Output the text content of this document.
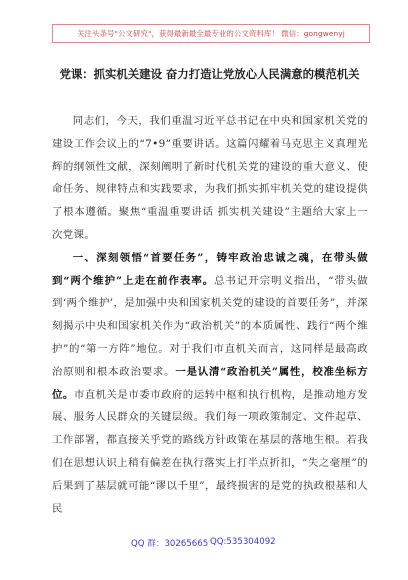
关注头条号"公文研究"，获得最新最全最专业的公文资料库！ 微信：gongwenyj
党课：抓实机关建设 奋力打造让党放心人民满意的模范机关

同志们，今天，我们重温习近平总书记在中央和国家机关党的建设工作会议上的“7•9”重要讲话。这篇闪耀着马克思主义真理光辉的纲领性文献，深刻阐明了新时代机关党的建设的重大意义、使命任务、规律特点和实践要求，为我们抓实抓牢机关党的建设提供了根本遵循。聚焦“重温重要讲话 抓实机关建设”主题给大家上一次党课。

一、深刻领悟“首要任务”，铸牢政治忠诚之魂，在带头做到“两个维护”上走在前作表率。总书记开宗明义指出，“带头做到‘两个维护’，是加强中央和国家机关党的建设的首要任务”，并深刻揭示中央和国家机关作为“政治机关”的本质属性、践行“两个维护”的“第一方阵”地位。对于我们市直机关而言，这同样是最高政治原则和根本政治要求。一是认清“政治机关”属性，校准坐标方位。市直机关是市委市政府的运转中枢和执行机构，是推动地方发展、服务人民群众的关键层级。我们每一项政策制定、文件起草、工作部署，都直接关乎党的路线方针政策在基层的落地生根。若我们在思想认识上稍有偏差在执行落实上打半点折扣，“失之毫厘”的后果到了基层就可能“谬以千里”，最终损害的是党的执政根基和人民

QQ 群：30265665 QQ:535304092
